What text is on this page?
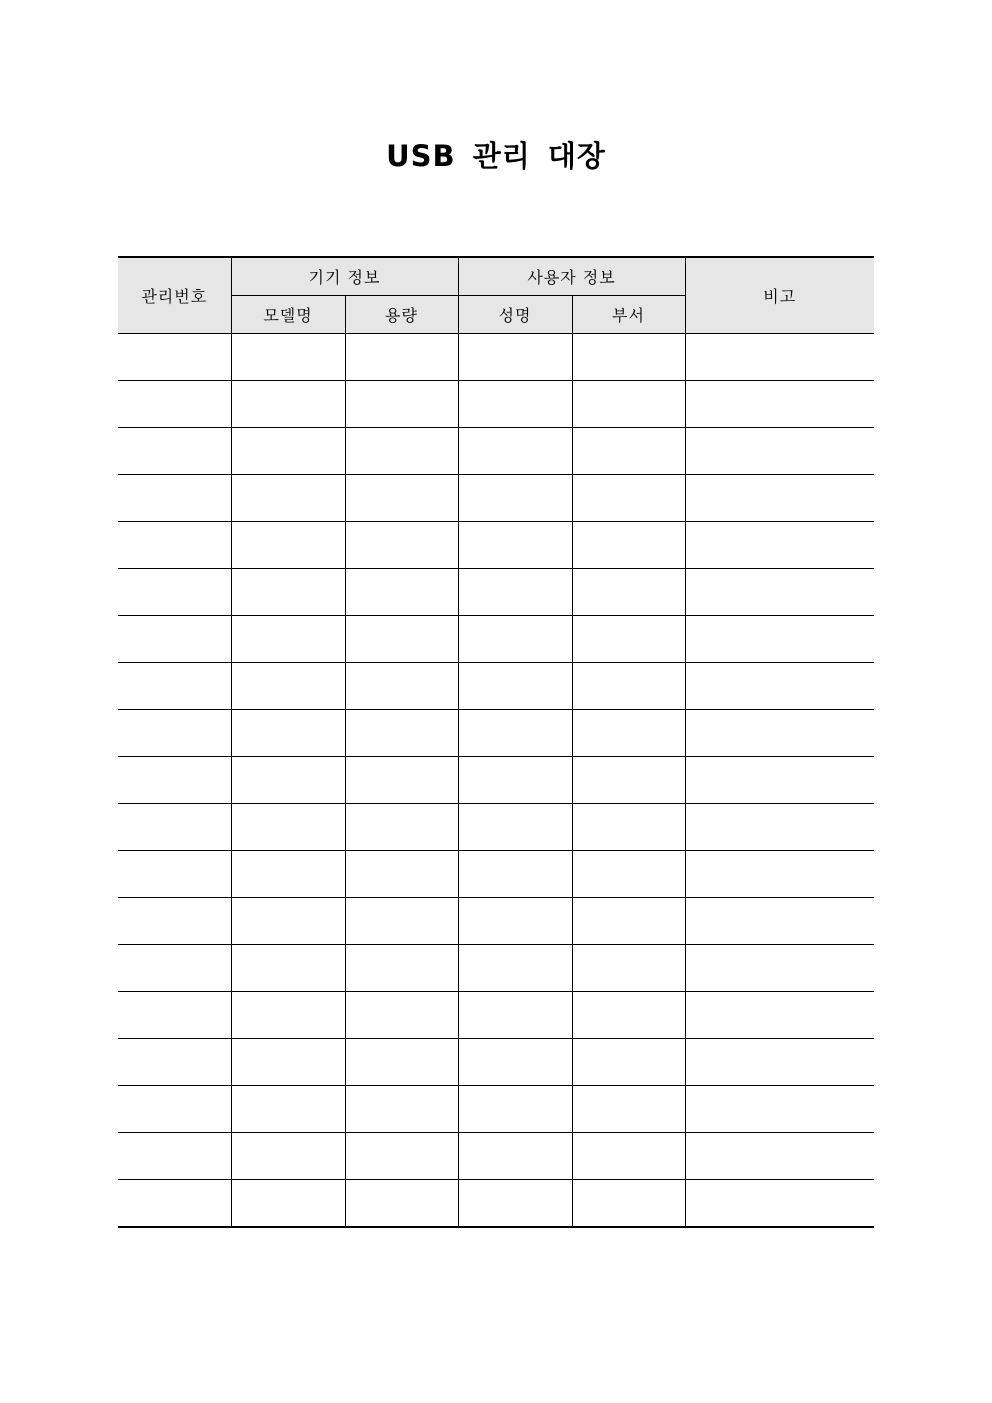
USB 관리 대장
관리번호	기기 정보		사용자 정보		비고
	모델명	용량	성명	부서	
